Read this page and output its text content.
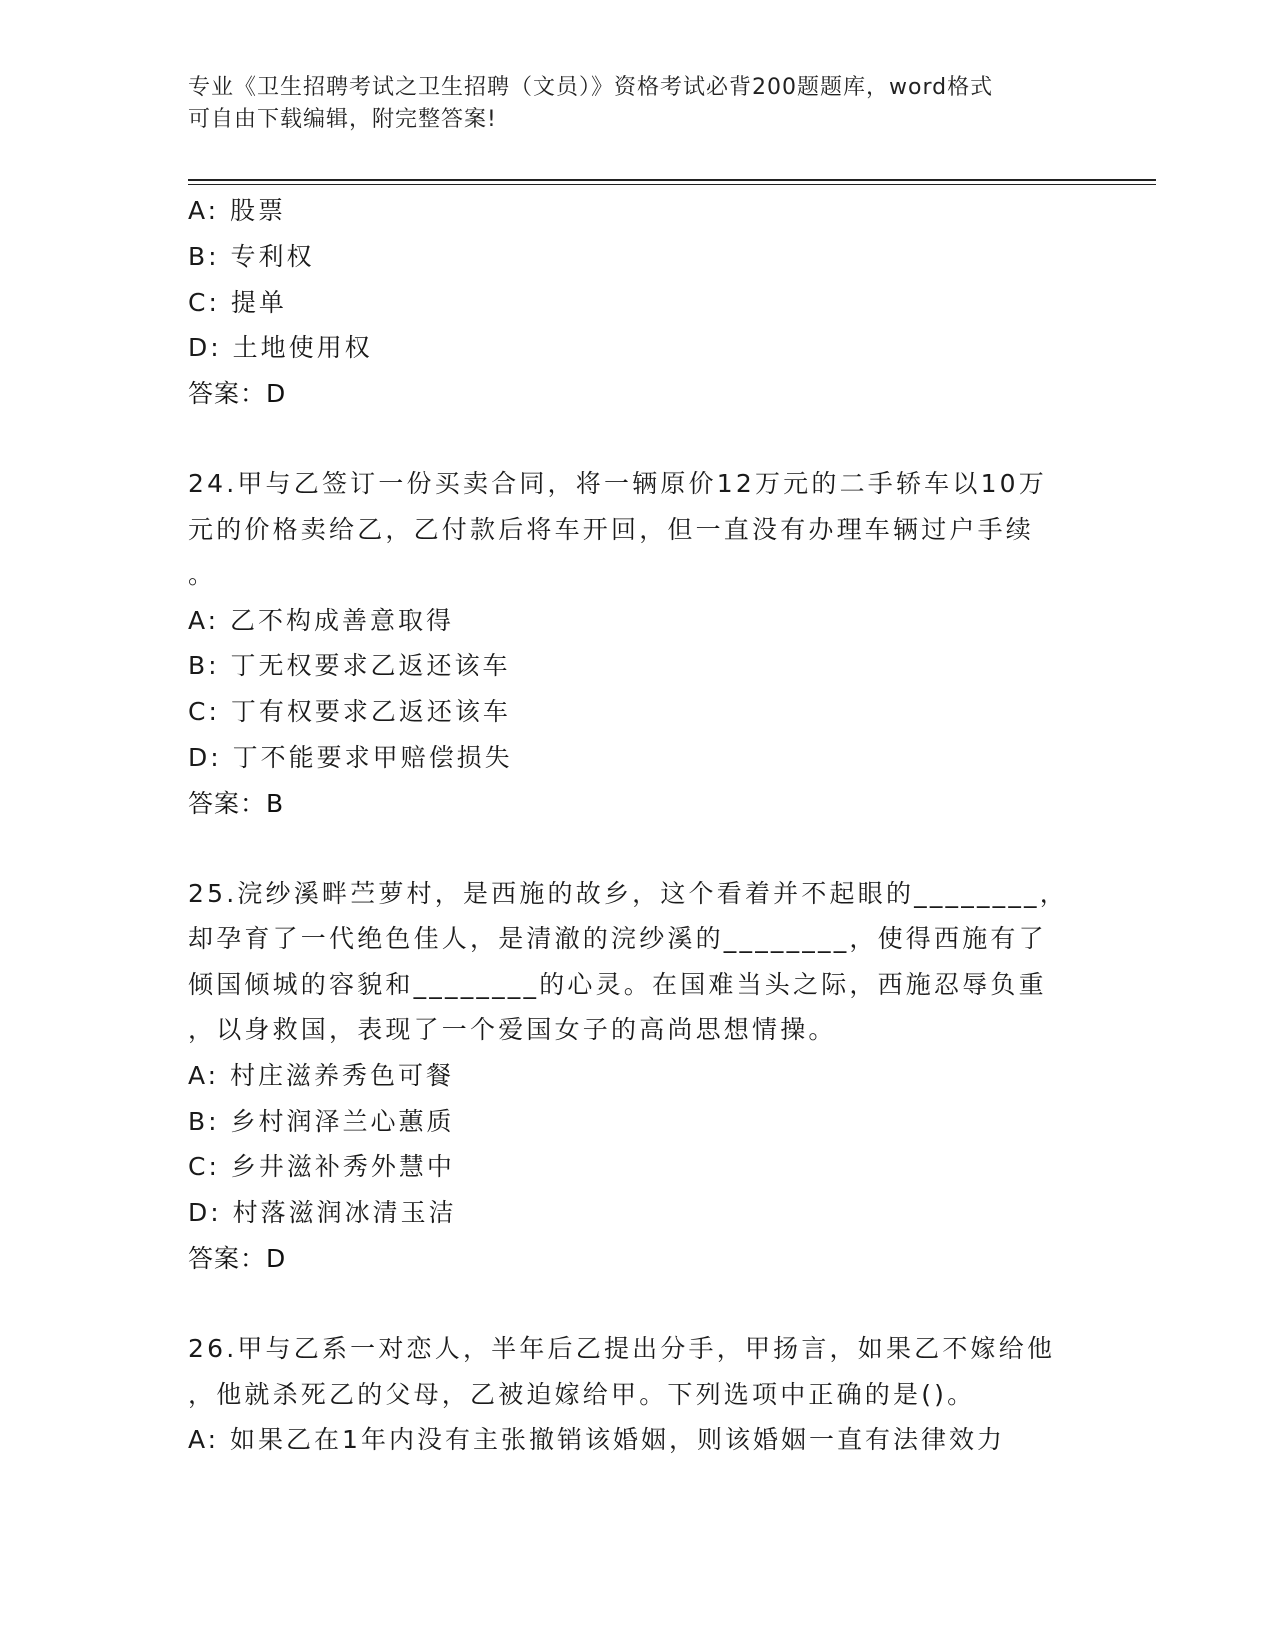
专业《卫生招聘考试之卫生招聘（文员）》资格考试必背200题题库，word格式
可自由下载编辑，附完整答案!
A: 股票
B: 专利权
C: 提单
D: 土地使用权
答案：D
24.甲与乙签订一份买卖合同，将一辆原价12万元的二手轿车以10万
元的价格卖给乙，乙付款后将车开回，但一直没有办理车辆过户手续
。
A: 乙不构成善意取得
B: 丁无权要求乙返还该车
C: 丁有权要求乙返还该车
D: 丁不能要求甲赔偿损失
答案：B
25.浣纱溪畔苎萝村，是西施的故乡，这个看着并不起眼的________，
却孕育了一代绝色佳人，是清澈的浣纱溪的________，使得西施有了
倾国倾城的容貌和________的心灵。在国难当头之际，西施忍辱负重
，以身救国，表现了一个爱国女子的高尚思想情操。
A: 村庄滋养秀色可餐
B: 乡村润泽兰心蕙质
C: 乡井滋补秀外慧中
D: 村落滋润冰清玉洁
答案：D
26.甲与乙系一对恋人，半年后乙提出分手，甲扬言，如果乙不嫁给他
，他就杀死乙的父母，乙被迫嫁给甲。下列选项中正确的是()。
A: 如果乙在1年内没有主张撤销该婚姻，则该婚姻一直有法律效力
